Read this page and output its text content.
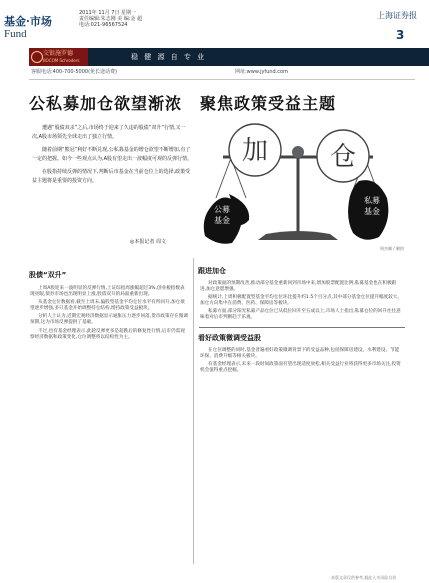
基金·市场
Fund
2011年 11月 7日 星期一
责任编辑:朱志刚 美 编:金 超
电话:021-96567524
上海证券报
3
交银施罗德
BOCOM Schroders	稳 健 源 自 专 业
客服电话:400-700-5000(免长途话费)	网址:www.jyfund.com
公私募加仓欲望渐浓 聚焦政策受益主题

遭遇“股债双杀”之后,市场终于迎来了久违的股债“双升”行情,又一次,A股市场领先全球走出了独立行情。

随着前期“熊冠”利好不断兑现,公私募基金的增仓欲望不断增加,有了一定的把握。如今一些观点认为,A股有望走出一波幅度可观的反弹行情。

在股指持续反弹的情况下,判断后市基金在当前仓位上的选择,政策受益主题将是重要的投资方向。

◎本报记者 周文
加 仓
公募
基金
私募
基金
周杰制 / 制图
股债“双升”

上周A股迎来一波明显的反弹行情,上证综指周涨幅超过3%,创业板指数表现亮眼,债券市场也出现明显上涨,股债双升的局面重新出现。

从基金仓位数据看,截至上周末,偏股型基金平均仓位水平有所回升,加仓欲望逐步增强,多只基金开始调整持仓结构,增持政策受益板块。

分析人士认为,近期宏观经济数据显示通胀压力逐步回落,货币政策存在微调预期,这为市场反弹提供了基础。

不过,也有基金经理表示,此轮反弹更多是超跌后的修复性行情,后市仍需观察经济数据和政策变化,仓位调整将以结构性为主。

跟进加仓

对政策面的预期改善,推动部分基金重新回到市场中来,增加股票配置比例,私募基金也在积极跟进,加仓意愿增强。

据统计,上周积极配置型基金平均仓位环比提升约1.5个百分点,其中部分基金仓位提升幅度较大,加仓方向集中在消费、医药、保障房等板块。

私募方面,部分阳光私募产品仓位已从低位回升至五成以上,市场人士指出,私募仓位的回升往往意味着对后市判断趋于乐观。

看好政策微调受益股

在仓位调整的同时,基金普遍看好政策微调背景下的受益品种,包括保障房建设、水利建设、节能环保、消费升级等相关板块。

有基金经理表示,未来一段时间政策面有望出现适度放松,相关受益行业将获得更多市场关注,投资机会值得重点挖掘。

本版文章仅供参考,据此入市风险自担
